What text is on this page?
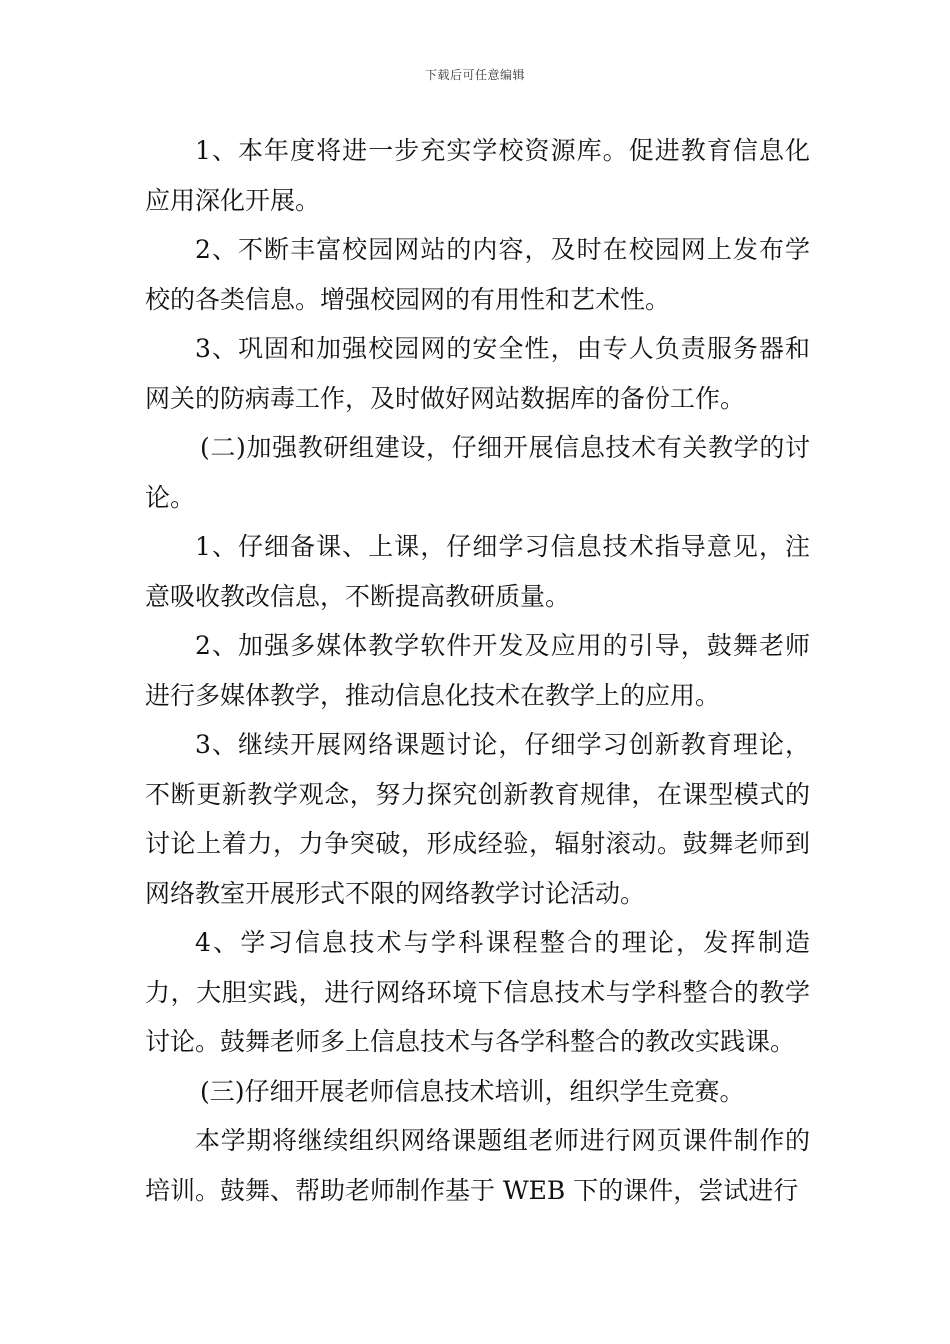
下载后可任意编辑

1、本年度将进一步充实学校资源库。促进教育信息化应用深化开展。

2、不断丰富校园网站的内容，及时在校园网上发布学校的各类信息。增强校园网的有用性和艺术性。

3、巩固和加强校园网的安全性，由专人负责服务器和网关的防病毒工作，及时做好网站数据库的备份工作。

(二)加强教研组建设，仔细开展信息技术有关教学的讨论。

1、仔细备课、上课，仔细学习信息技术指导意见，注意吸收教改信息，不断提高教研质量。

2、加强多媒体教学软件开发及应用的引导，鼓舞老师进行多媒体教学，推动信息化技术在教学上的应用。

3、继续开展网络课题讨论，仔细学习创新教育理论，不断更新教学观念，努力探究创新教育规律，在课型模式的讨论上着力，力争突破，形成经验，辐射滚动。鼓舞老师到网络教室开展形式不限的网络教学讨论活动。

4、学习信息技术与学科课程整合的理论，发挥制造力，大胆实践，进行网络环境下信息技术与学科整合的教学讨论。鼓舞老师多上信息技术与各学科整合的教改实践课。

(三)仔细开展老师信息技术培训，组织学生竞赛。

本学期将继续组织网络课题组老师进行网页课件制作的培训。鼓舞、帮助老师制作基于 WEB 下的课件，尝试进行
